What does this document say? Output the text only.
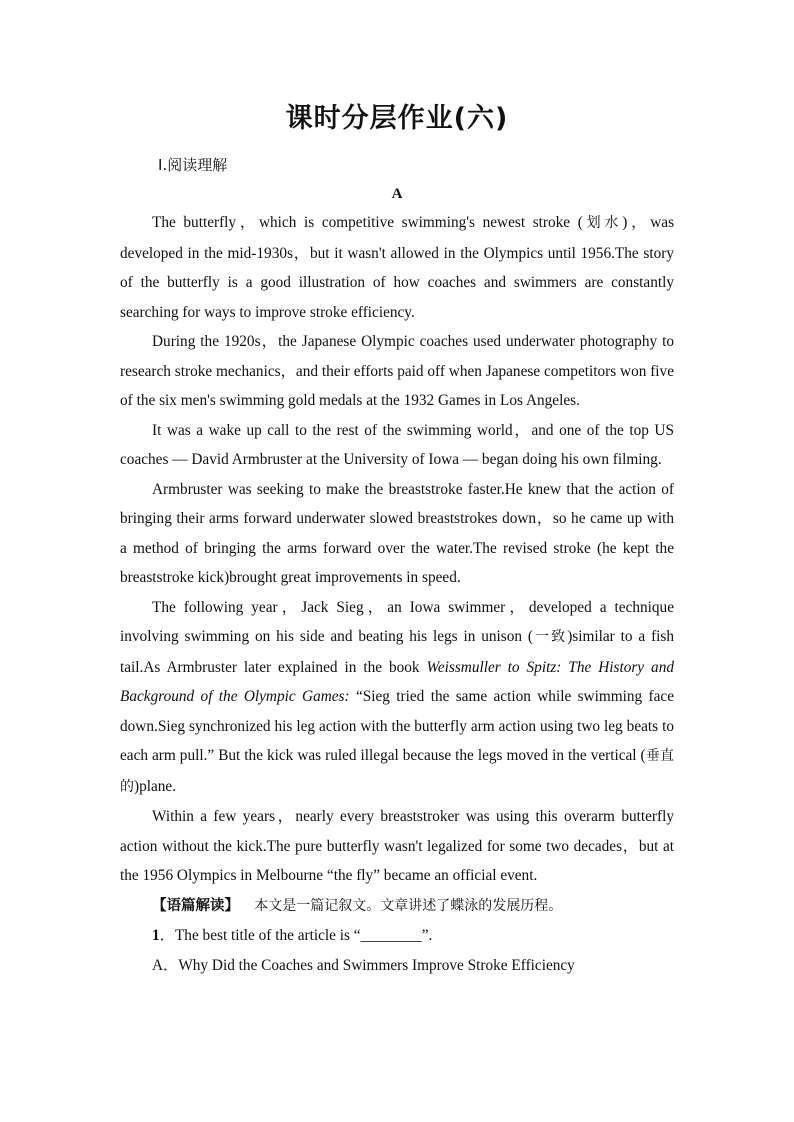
课时分层作业(六)
Ⅰ.阅读理解
A

The butterfly，which is competitive swimming's newest stroke (划水)，was developed in the mid‑1930s，but it wasn't allowed in the Olympics until 1956.The story of the butterfly is a good illustration of how coaches and swimmers are constantly searching for ways to improve stroke efficiency.

During the 1920s，the Japanese Olympic coaches used underwater photography to research stroke mechanics，and their efforts paid off when Japanese competitors won five of the six men's swimming gold medals at the 1932 Games in Los Angeles.

It was a wake up call to the rest of the swimming world，and one of the top US coaches — David Armbruster at the University of Iowa — began doing his own filming.

Armbruster was seeking to make the breaststroke faster.He knew that the action of bringing their arms forward underwater slowed breaststrokes down，so he came up with a method of bringing the arms forward over the water.The revised stroke (he kept the breaststroke kick)brought great improvements in speed.

The following year，Jack Sieg，an Iowa swimmer，developed a technique involving swimming on his side and beating his legs in unison (一致)similar to a fish tail.As Armbruster later explained in the book Weissmuller to Spitz: The History and Background of the Olympic Games: “Sieg tried the same action while swimming face down.Sieg synchronized his leg action with the butterfly arm action using two leg beats to each arm pull.” But the kick was ruled illegal because the legs moved in the vertical (垂直的)plane.

Within a few years，nearly every breaststroker was using this overarm butterfly action without the kick.The pure butterfly wasn't legalized for some two decades，but at the 1956 Olympics in Melbourne “the fly” became an official event.

【语篇解读】 本文是一篇记叙文。文章讲述了蝶泳的发展历程。

1．The best title of the article is “________”.

A．Why Did the Coaches and Swimmers Improve Stroke Efficiency
